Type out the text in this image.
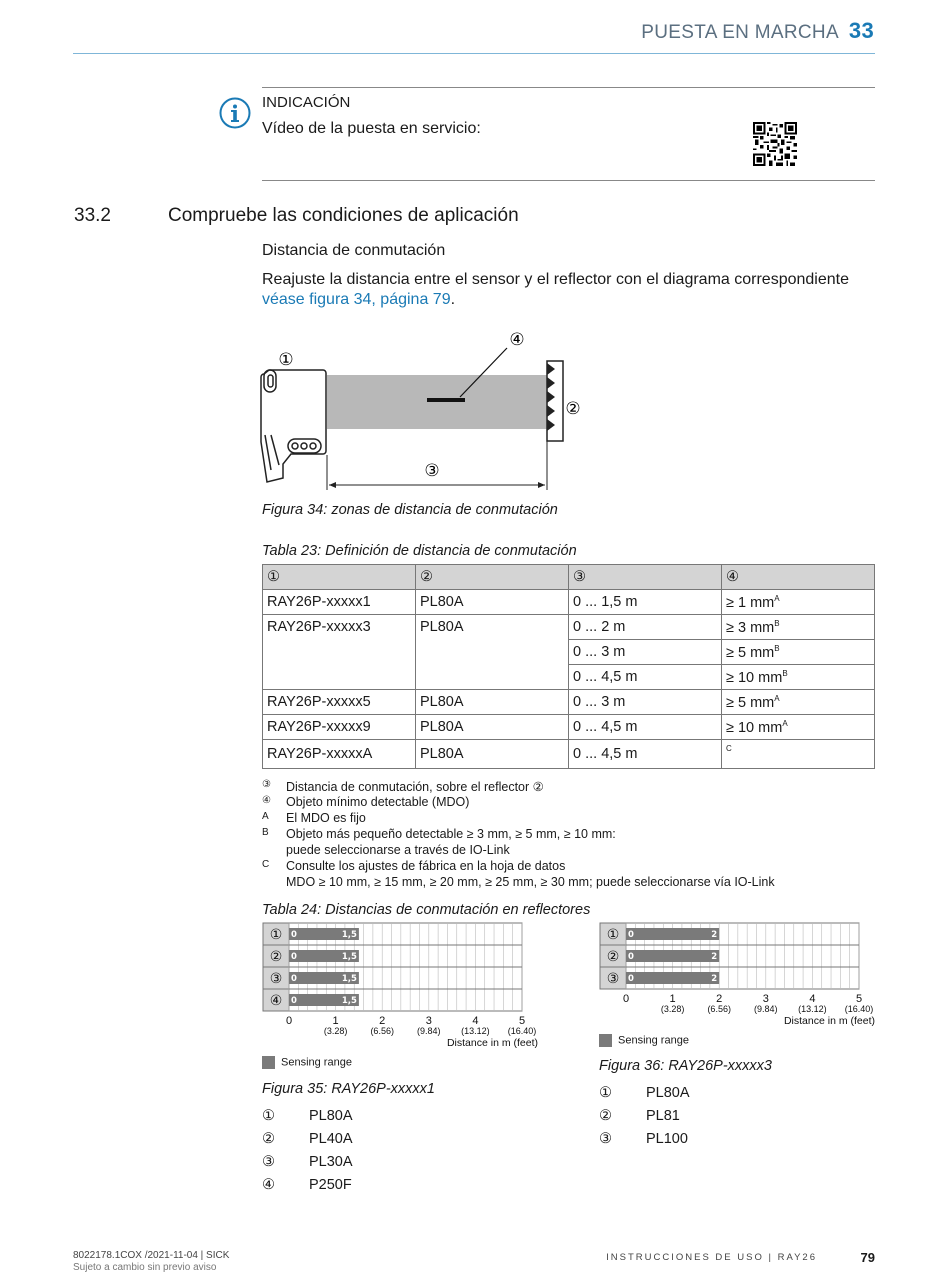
PUESTA EN MARCHA 33
INDICACIÓN
Vídeo de la puesta en servicio:
33.2	Compruebe las condiciones de aplicación
Distancia de conmutación
Reajuste la distancia entre el sensor y el reflector con el diagrama correspondiente
véase figura 34, página 79.
①
②
③
④
Figura 34: zonas de distancia de conmutación
Tabla 23: Definición de distancia de conmutación
①	②	③	④
RAY26P-xxxxx1	PL80A	0 ... 1,5 m	≥ 1 $mm^A$
RAY26P-xxxxx3	PL80A	0 ... 2 m	≥ 3 $mm^B$
		0 ... 3 m	≥ 5 $mm^B$
		0 ... 4,5 m	≥ 10 $mm^B$
RAY26P-xxxxx5	PL80A	0 ... 3 m	≥ 5 $mm^A$
RAY26P-xxxxx9	PL80A	0 ... 4,5 m	≥ 10 $mm^A$
RAY26P-xxxxxA	PL80A	0 ... 4,5 m	$^C$
③ Distancia de conmutación, sobre el reflector ②
④ Objeto mínimo detectable (MDO)
A El MDO es fijo
B Objeto más pequeño detectable ≥ 3 mm, ≥ 5 mm, ≥ 10 mm:
puede seleccionarse a través de IO-Link
C Consulte los ajustes de fábrica en la hoja de datos
MDO ≥ 10 mm, ≥ 15 mm, ≥ 20 mm, ≥ 25 mm, ≥ 30 mm; puede seleccionarse vía IO-Link
Tabla 24: Distancias de conmutación en reflectores
①
②
③
④
0	1,5
0	1,5
0	1,5
0	1,5
0	1
(3.28)
2
(6.56)
3
(9.84)
4
(13.12)
5
(16.40)
Distance in m (feet)
Sensing range
Figura 35: RAY26P-xxxxx1
① PL80A
② PL40A
③ PL30A
④ P250F
①
②
③
0	2
0	2
0	2
0	1
(3.28)
2
(6.56)
3
(9.84)
4
(13.12)
5
(16.40)
Distance in m (feet)
Sensing range
Figura 36: RAY26P-xxxxx3
① PL80A
② PL81
③ PL100
8022178.1COX /2021-11-04 | SICK
Sujeto a cambio sin previo aviso
INSTRUCCIONES DE USO | RAY26	79
